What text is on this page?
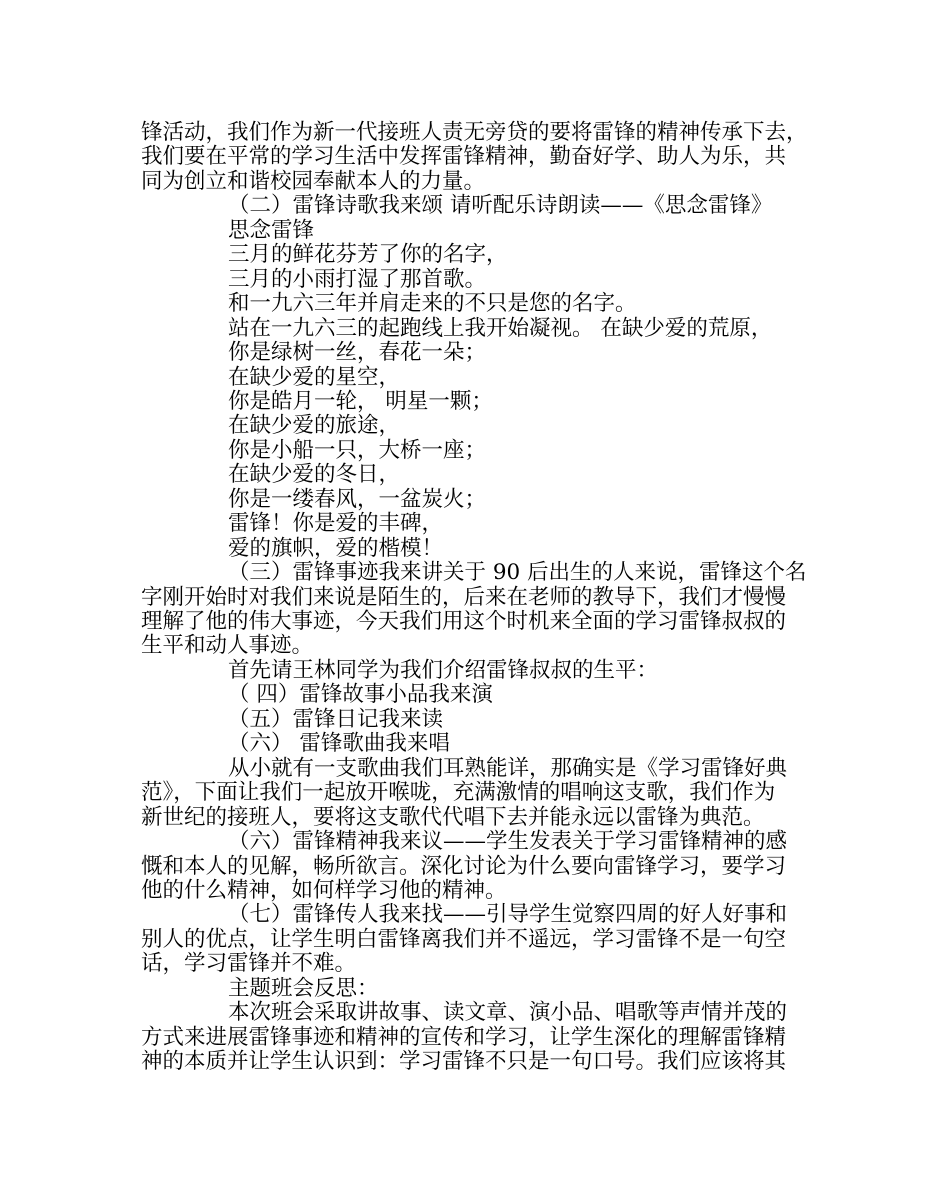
锋活动，我们作为新一代接班人责无旁贷的要将雷锋的精神传承下去，
我们要在平常的学习生活中发挥雷锋精神，勤奋好学、助人为乐，共
同为创立和谐校园奉献本人的力量。
（二）雷锋诗歌我来颂 请听配乐诗朗读——《思念雷锋》
思念雷锋
三月的鲜花芬芳了你的名字，
三月的小雨打湿了那首歌。
和一九六三年并肩走来的不只是您的名字。
站在一九六三的起跑线上我开始凝视。 在缺少爱的荒原，
你是绿树一丝，春花一朵；
在缺少爱的星空，
你是皓月一轮， 明星一颗；
在缺少爱的旅途，
你是小船一只，大桥一座；
在缺少爱的冬日，
你是一缕春风，一盆炭火；
雷锋！你是爱的丰碑，
爱的旗帜，爱的楷模！
（三）雷锋事迹我来讲关于 90 后出生的人来说，雷锋这个名
字刚开始时对我们来说是陌生的，后来在老师的教导下，我们才慢慢
理解了他的伟大事迹，今天我们用这个时机来全面的学习雷锋叔叔的
生平和动人事迹。
首先请王林同学为我们介绍雷锋叔叔的生平：
（ 四）雷锋故事小品我来演
（五）雷锋日记我来读
（六） 雷锋歌曲我来唱
从小就有一支歌曲我们耳熟能详，那确实是《学习雷锋好典
范》，下面让我们一起放开喉咙，充满激情的唱响这支歌，我们作为
新世纪的接班人，要将这支歌代代唱下去并能永远以雷锋为典范。
（六）雷锋精神我来议——学生发表关于学习雷锋精神的感
慨和本人的见解，畅所欲言。深化讨论为什么要向雷锋学习，要学习
他的什么精神，如何样学习他的精神。
（七）雷锋传人我来找——引导学生觉察四周的好人好事和
别人的优点，让学生明白雷锋离我们并不遥远，学习雷锋不是一句空
话，学习雷锋并不难。
主题班会反思：
本次班会采取讲故事、读文章、演小品、唱歌等声情并茂的
方式来进展雷锋事迹和精神的宣传和学习，让学生深化的理解雷锋精
神的本质并让学生认识到：学习雷锋不只是一句口号。我们应该将其
